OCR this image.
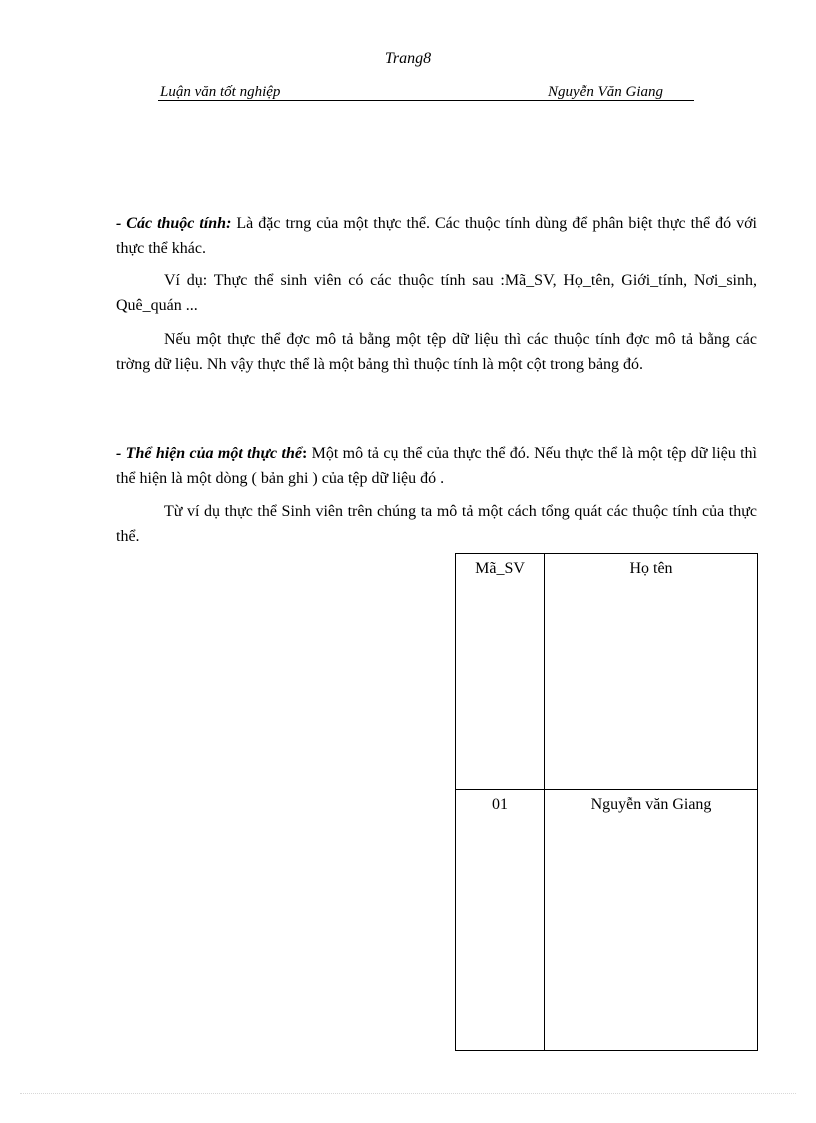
Trang8
Luận văn tốt nghiệp	Nguyễn Văn Giang

- Các thuộc tính: Là đặc trng của một thực thể. Các thuộc tính dùng để phân biệt thực thể đó với thực thể khác.

Ví dụ: Thực thể sinh viên có các thuộc tính sau :Mã_SV, Họ_tên, Giới_tính, Nơi_sinh, Quê_quán ...

Nếu một thực thể đợc mô tả bằng một tệp dữ liệu thì các thuộc tính đợc mô tả bằng các trờng dữ liệu. Nh vậy thực thể là một bảng thì thuộc tính là một cột trong bảng đó.

- Thể hiện của một thực thể: Một mô tả cụ thể của thực thể đó. Nếu thực thể là một tệp dữ liệu thì thể hiện là một dòng ( bản ghi ) của tệp dữ liệu đó .

Từ ví dụ thực thể Sinh viên trên chúng ta mô tả một cách tổng quát các thuộc tính của thực thể.

Mã_SV	Họ tên
01	Nguyễn văn Giang
